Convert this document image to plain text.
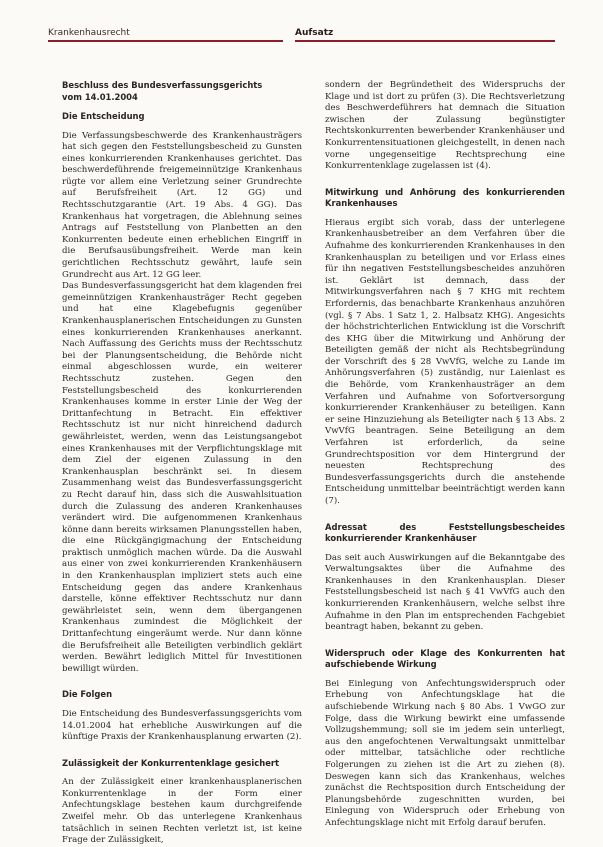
Krankenhausrecht	Aufsatz
Beschluss des Bundesverfassungsgerichts
vom 14.01.2004
Die Entscheidung

Die Verfassungsbeschwerde des Krankenhausträgers hat sich gegen den Feststellungsbescheid zu Gunsten eines konkurrierenden Krankenhauses gerichtet. Das beschwerdeführende freigemeinnützige Krankenhaus rügte vor allem eine Verletzung seiner Grundrechte auf Berufsfreiheit (Art. 12 GG) und Rechtsschutzgarantie (Art. 19 Abs. 4 GG). Das Krankenhaus hat vorgetragen, die Ablehnung seines Antrags auf Feststellung von Planbetten an den Konkurrenten bedeute einen erheblichen Eingriff in die Berufsausübungsfreiheit. Werde man kein gerichtlichen Rechtsschutz gewährt, laufe sein Grundrecht aus Art. 12 GG leer.

Das Bundesverfassungsgericht hat dem klagenden frei gemeinnützigen Krankenhausträger Recht gegeben und hat eine Klagebefugnis gegenüber Krankenhausplanerischen Entscheidungen zu Gunsten eines konkurrierenden Krankenhauses anerkannt. Nach Auffassung des Gerichts muss der Rechtsschutz bei der Planungsentscheidung, die Behörde nicht einmal abgeschlossen wurde, ein weiterer Rechtsschutz zustehen. Gegen den Feststellungsbescheid des konkurrierenden Krankenhauses komme in erster Linie der Weg der Drittanfechtung in Betracht. Ein effektiver Rechtsschutz ist nur nicht hinreichend dadurch gewährleistet, werden, wenn das Leistungsangebot eines Krankenhauses mit der Verpflichtungsklage mit dem Ziel der eigenen Zulassung in den Krankenhausplan beschränkt sei. In diesem Zusammenhang weist das Bundesverfassungsgericht zu Recht darauf hin, dass sich die Auswahlsituation durch die Zulassung des anderen Krankenhauses verändert wird. Die aufgenommenen Krankenhaus könne dann bereits wirksamen Planungsstellen haben, die eine Rückgängigmachung der Entscheidung praktisch unmöglich machen würde. Da die Auswahl aus einer von zwei konkurrierenden Krankenhäusern in den Krankenhausplan impliziert stets auch eine Entscheidung gegen das andere Krankenhaus darstelle, könne effektiver Rechtsschutz nur dann gewährleistet sein, wenn dem übergangenen Krankenhaus zumindest die Möglichkeit der Drittanfechtung eingeräumt werde. Nur dann könne die Berufsfreiheit alle Beteiligten verbindlich geklärt werden. Bewährt lediglich Mittel für Investitionen bewilligt würden.

Die Folgen

Die Entscheidung des Bundesverfassungsgerichts vom 14.01.2004 hat erhebliche Auswirkungen auf die künftige Praxis der Krankenhausplanung erwarten (2).

Zulässigkeit der Konkurrentenklage gesichert

An der Zulässigkeit einer krankenhausplanerischen Konkurrentenklage in der Form einer Anfechtungsklage bestehen kaum durchgreifende Zweifel mehr. Ob das unterlegene Krankenhaus tatsächlich in seinen Rechten verletzt ist, ist keine Frage der Zulässigkeit,

sondern der Begründetheit des Widerspruchs der Klage und ist dort zu prüfen (3). Die Rechtsverletzung des Beschwerdeführers hat demnach die Situation zwischen der Zulassung begünstigter Rechtskonkurrenten bewerbender Krankenhäuser und Konkurrentensituationen gleichgestellt, in denen nach vorne ungegenseitige Rechtsprechung eine Konkurrentenklage zugelassen ist (4).

Mitwirkung und Anhörung des konkurrierenden Krankenhauses

Hieraus ergibt sich vorab, dass der unterlegene Krankenhausbetreiber an dem Verfahren über die Aufnahme des konkurrierenden Krankenhauses in den Krankenhausplan zu beteiligen und vor Erlass eines für ihn negativen Feststellungsbescheides anzuhören ist. Geklärt ist demnach, dass der Mitwirkungsverfahren nach § 7 KHG mit rechtem Erfordernis, das benachbarte Krankenhaus anzuhören (vgl. § 7 Abs. 1 Satz 1, 2. Halbsatz KHG). Angesichts der höchstrichterlichen Entwicklung ist die Vorschrift des KHG über die Mitwirkung und Anhörung der Beteiligten gemäß der nicht als Rechtsbegründung der Vorschrift des § 28 VwVfG, welche zu Lande im Anhörungsverfahren (5) zuständig, nur Laienlast es die Behörde, vom Krankenhausträger an dem Verfahren und Aufnahme von Sofortversorgung konkurrierender Krankenhäuser zu beteiligen. Kann er seine Hinzuziehung als Beteiligter nach § 13 Abs. 2 VwVfG beantragen. Seine Beteiligung an dem Verfahren ist erforderlich, da seine Grundrechtsposition vor dem Hintergrund der neuesten Rechtsprechung des Bundesverfassungsgerichts durch die anstehende Entscheidung unmittelbar beeinträchtigt werden kann (7).

Adressat des Feststellungsbescheides konkurrierender Krankenhäuser

Das seit auch Auswirkungen auf die Bekanntgabe des Verwaltungsaktes über die Aufnahme des Krankenhauses in den Krankenhausplan. Dieser Feststellungsbescheid ist nach § 41 VwVfG auch den konkurrierenden Krankenhäusern, welche selbst ihre Aufnahme in den Plan im entsprechenden Fachgebiet beantragt haben, bekannt zu geben.

Widerspruch oder Klage des Konkurrenten hat aufschiebende Wirkung

Bei Einlegung von Anfechtungswiderspruch oder Erhebung von Anfechtungsklage hat die aufschiebende Wirkung nach § 80 Abs. 1 VwGO zur Folge, dass die Wirkung bewirkt eine umfassende Vollzugshemmung; soll sie im jedem sein unterliegt, aus den angefochtenen Verwaltungsakt unmittelbar oder mittelbar, tatsächliche oder rechtliche Folgerungen zu ziehen ist die Art zu ziehen (8). Deswegen kann sich das Krankenhaus, welches zunächst die Rechtsposition durch Entscheidung der Planungsbehörde zugeschnitten wurden, bei Einlegung von Widerspruch oder Erhebung von Anfechtungsklage nicht mit Erfolg darauf berufen.
